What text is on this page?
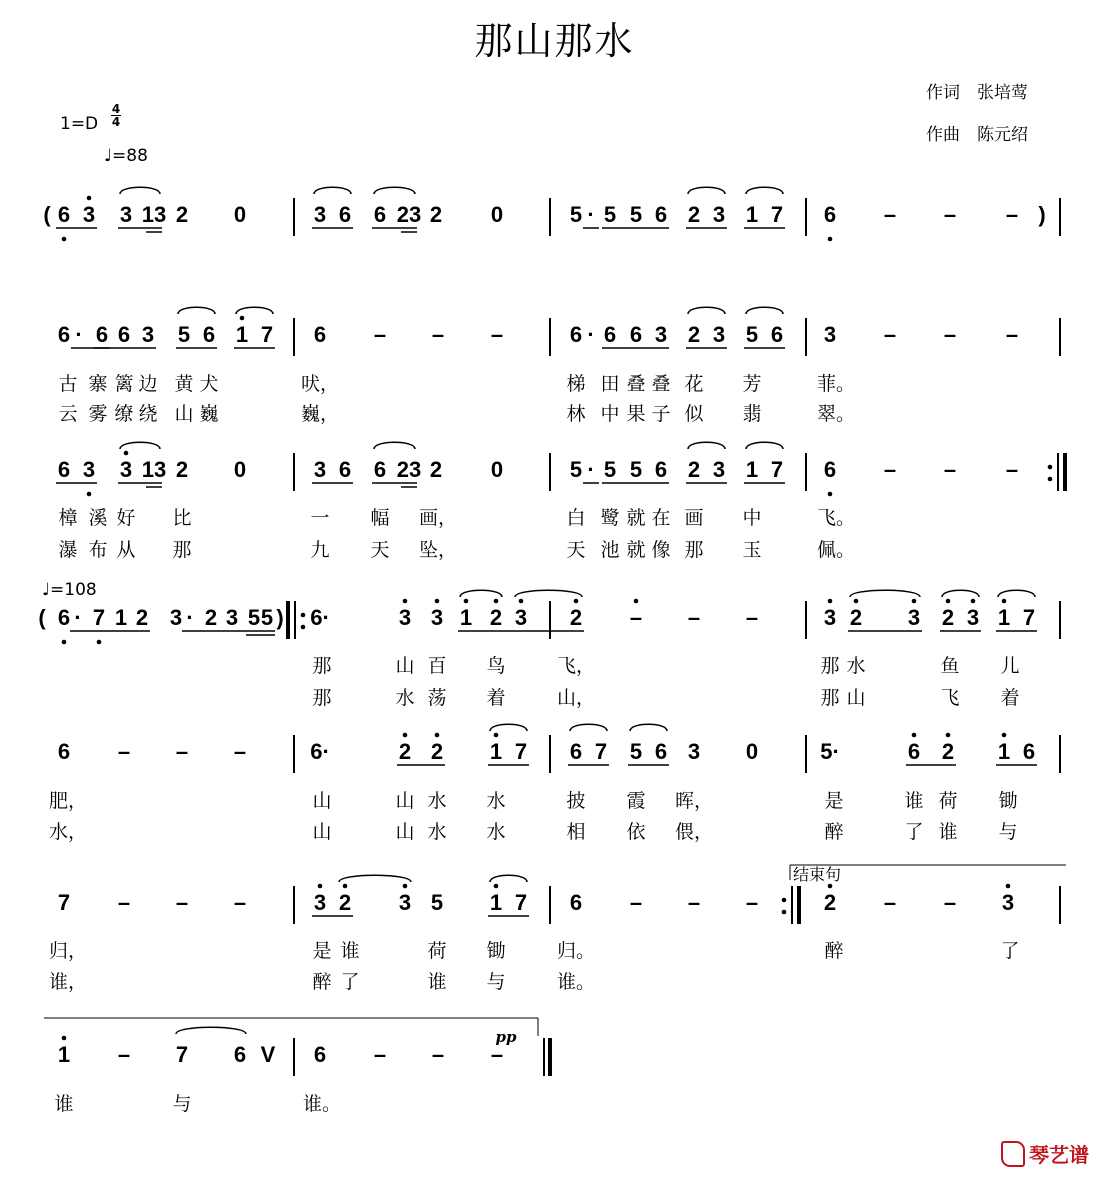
那山那水
作词　张培莺
作曲　陈元绍
1=D
4
4
♩=88
♩=108
( 6 3 3 13 2 0	3 6 6 23 2 0	5 · 5 5 6 2 3 1 7 6 – – – )
6 · 6 6 3 5 6 1 7 6 – – –	6 · 6 6 3 2 3 5 6 3 – – –
古 寨 篱 边 黄 犬	吠，	梯 田 叠 叠 花 芳	菲。
云 雾 缭 绕 山 巍	巍，	林 中 果 子 似 翡	翠。
6 3 3 13 2 0	3 6 6 23 2 0	5 · 5 5 6 2 3 1 7 6 – – –
樟 溪 好 比	一 幅 画，	白 鹭 就 在 画 中	飞。
瀑 布 从 那	九 天 坠，	天 池 就 像 那 玉	佩。
( 6 · 7 1 2 3 · 2 3 5 5 ) 6·	3 3 1 2 3 2 – – –	3 2 3 2 3 1 7
那	山 百 鸟	飞，	那 水	鱼 儿
那	水 荡 着	山，	那 山	飞 着
6 – – –	6·	2 2 1 7 6 7 5 6 3 0	5·	6 2 1 6
肥，	山	山 水 水	披 霞 晖，	是	谁 荷 锄
水，	山	山 水 水	相 依 偎，	醉	了 谁 与
7 – – –	3 2 3 5 1 7 6 – – –	2 – – 3
归，	是 谁	荷 锄	归。	醉	了
谁，	醉 了	谁 与	谁。
1 – 7 6 V 6 – – –
谁	与	谁。
结束句
pp
琴艺谱
